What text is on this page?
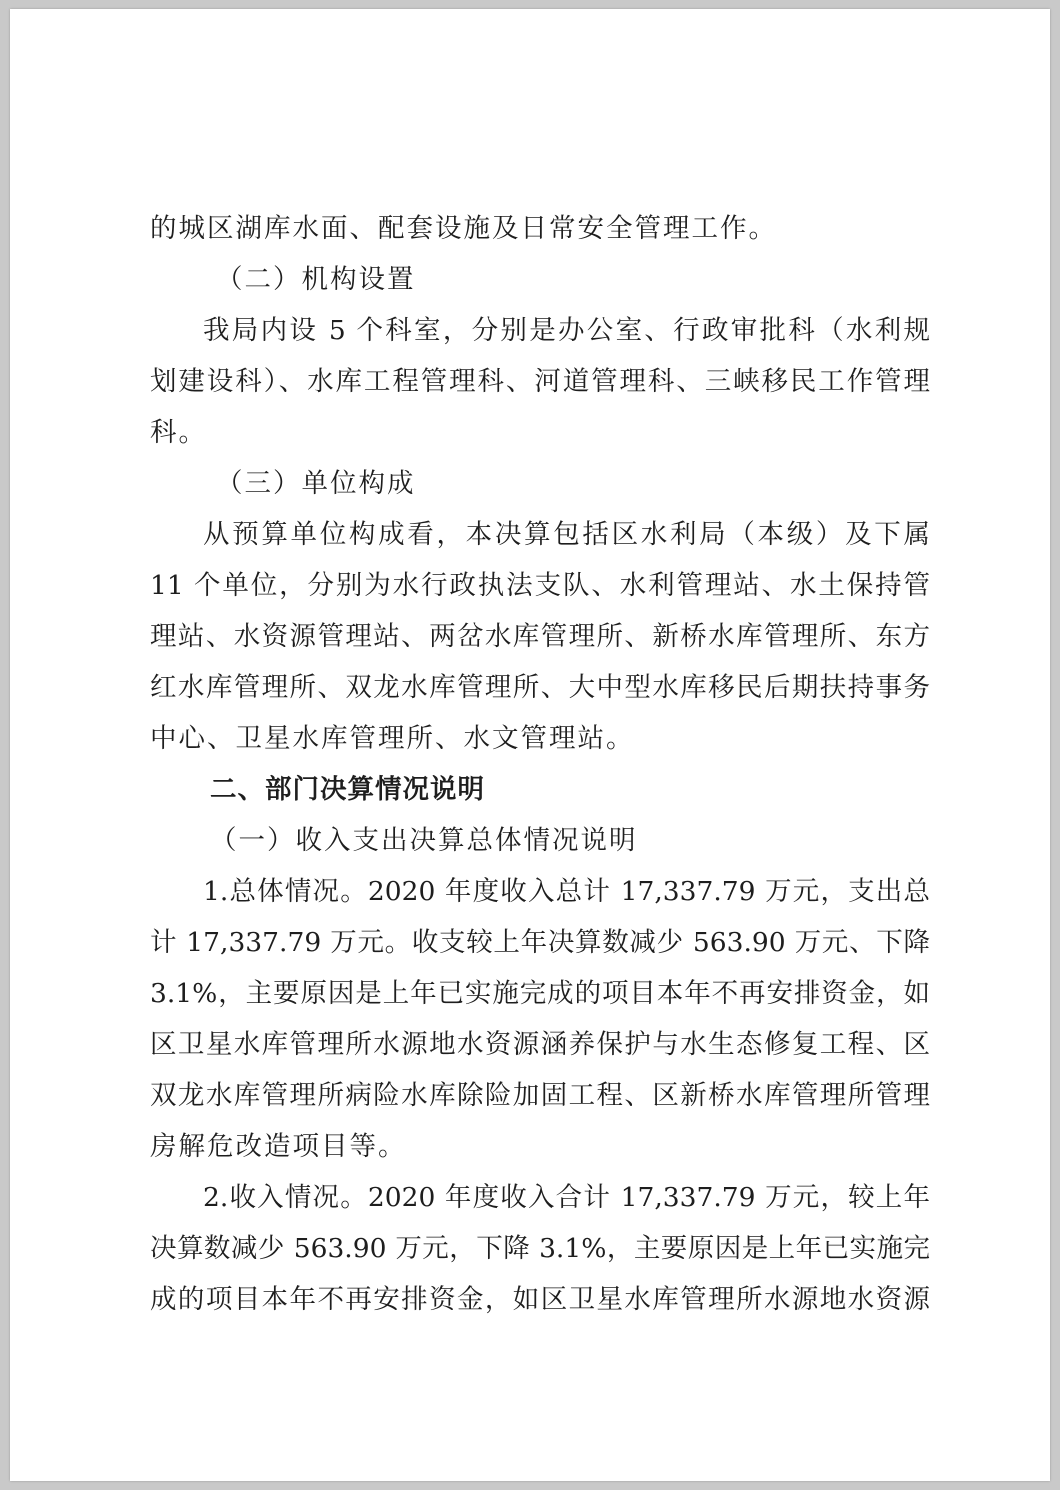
的城区湖库水面、配套设施及日常安全管理工作。
（二）机构设置
我局内设 5 个科室，分别是办公室、行政审批科（水利规
划建设科）、水库工程管理科、河道管理科、三峡移民工作管理
科。
（三）单位构成
从预算单位构成看，本决算包括区水利局（本级）及下属
11 个单位，分别为水行政执法支队、水利管理站、水土保持管
理站、水资源管理站、两岔水库管理所、新桥水库管理所、东方
红水库管理所、双龙水库管理所、大中型水库移民后期扶持事务
中心、卫星水库管理所、水文管理站。
二、部门决算情况说明
（一）收入支出决算总体情况说明
1.总体情况。2020 年度收入总计 17,337.79 万元，支出总
计 17,337.79 万元。收支较上年决算数减少 563.90 万元、下降
3.1%，主要原因是上年已实施完成的项目本年不再安排资金，如
区卫星水库管理所水源地水资源涵养保护与水生态修复工程、区
双龙水库管理所病险水库除险加固工程、区新桥水库管理所管理
房解危改造项目等。
2.收入情况。2020 年度收入合计 17,337.79 万元，较上年
决算数减少 563.90 万元，下降 3.1%，主要原因是上年已实施完
成的项目本年不再安排资金，如区卫星水库管理所水源地水资源
